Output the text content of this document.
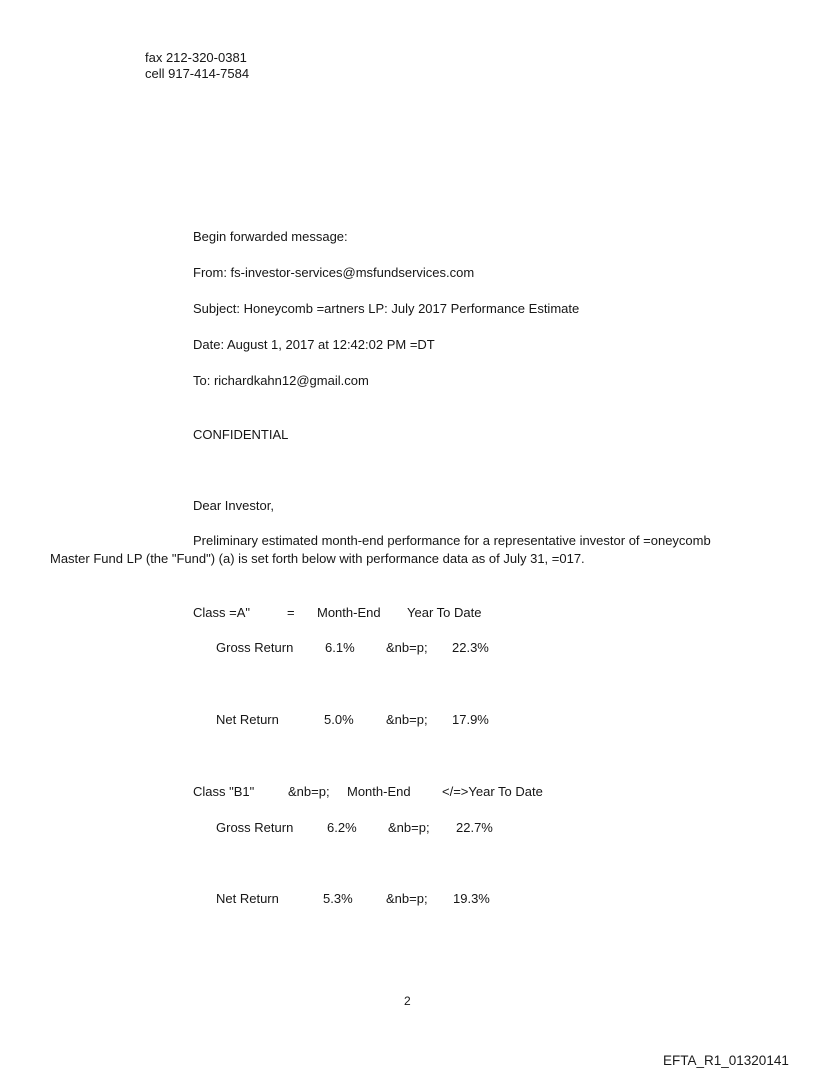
fax 212-320-0381
cell 917-414-7584
Begin forwarded message:
From: fs-investor-services@msfundservices.com
Subject: Honeycomb =artners LP: July 2017 Performance Estimate
Date: August 1, 2017 at 12:42:02 PM =DT
To: richardkahn12@gmail.com
CONFIDENTIAL
Dear Investor,
Preliminary estimated month-end performance for a representative investor of =oneycomb
Master Fund LP (the "Fund") (a) is set forth below with performance data as of July 31, =017.
Class =A"	= Month-End Year To Date
Gross Return 6.1% &nb=p; 22.3%
Net Return	5.0% &nb=p; 17.9%
Class "B1"	&nb=p; Month-End </=>Year To Date
Gross Return	6.2% &nb=p; 22.7%
Net Return	5.3%	&nb=p; 19.3%
2
EFTA_R1_01320141
